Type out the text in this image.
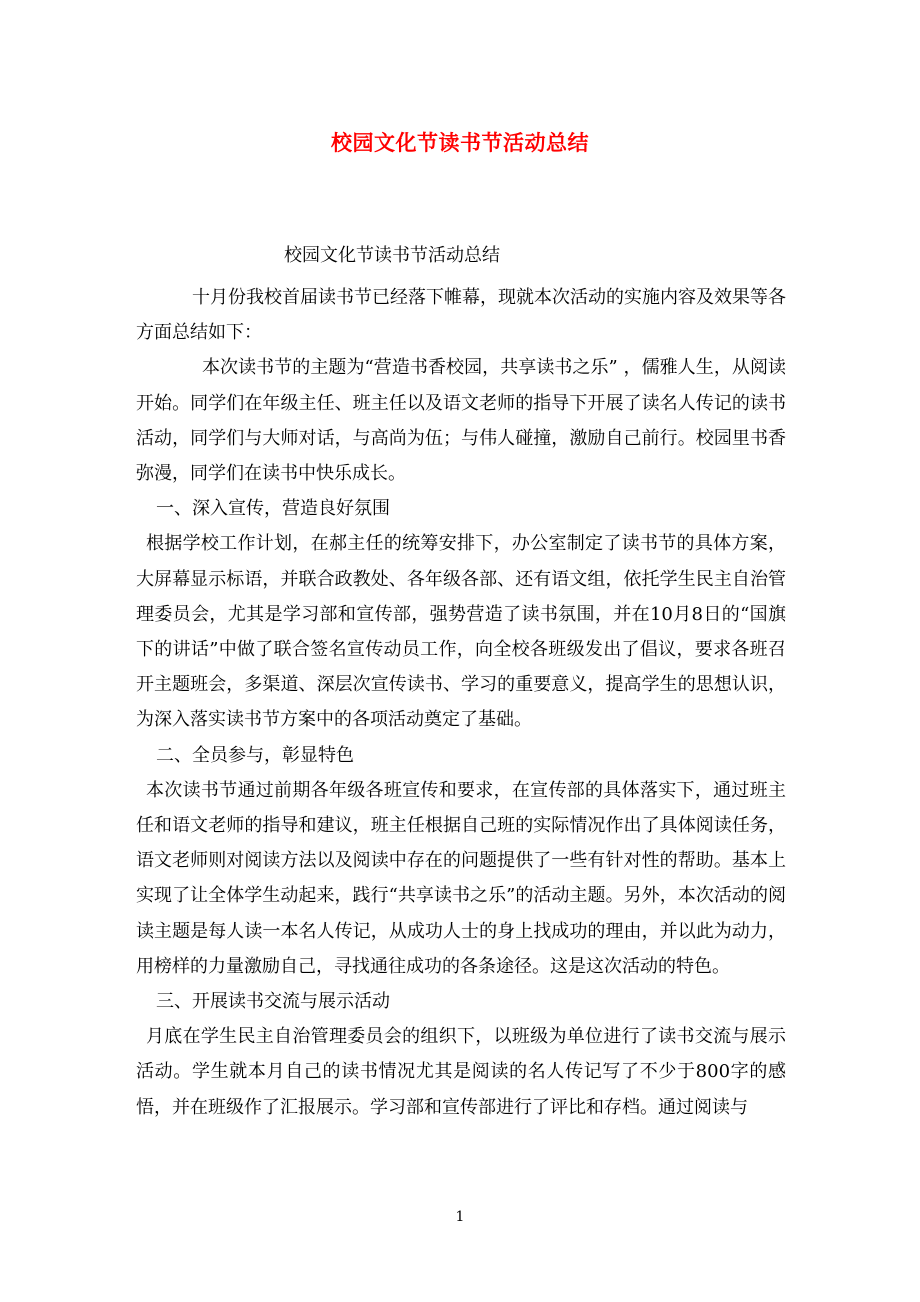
校园文化节读书节活动总结
校园文化节读书节活动总结

十月份我校首届读书节已经落下帷幕，现就本次活动的实施内容及效果等各方面总结如下：

本次读书节的主题为“营造书香校园，共享读书之乐” ，儒雅人生，从阅读开始。同学们在年级主任、班主任以及语文老师的指导下开展了读名人传记的读书活动，同学们与大师对话，与高尚为伍；与伟人碰撞，激励自己前行。校园里书香弥漫，同学们在读书中快乐成长。

一、深入宣传，营造良好氛围

根据学校工作计划，在郝主任的统筹安排下，办公室制定了读书节的具体方案，大屏幕显示标语，并联合政教处、各年级各部、还有语文组，依托学生民主自治管理委员会，尤其是学习部和宣传部，强势营造了读书氛围，并在10月8日的“国旗下的讲话”中做了联合签名宣传动员工作，向全校各班级发出了倡议，要求各班召开主题班会，多渠道、深层次宣传读书、学习的重要意义，提高学生的思想认识，为深入落实读书节方案中的各项活动奠定了基础。

二、全员参与，彰显特色

本次读书节通过前期各年级各班宣传和要求，在宣传部的具体落实下，通过班主任和语文老师的指导和建议，班主任根据自己班的实际情况作出了具体阅读任务，语文老师则对阅读方法以及阅读中存在的问题提供了一些有针对性的帮助。基本上实现了让全体学生动起来，践行“共享读书之乐”的活动主题。另外，本次活动的阅读主题是每人读一本名人传记，从成功人士的身上找成功的理由，并以此为动力，用榜样的力量激励自己，寻找通往成功的各条途径。这是这次活动的特色。

三、开展读书交流与展示活动

月底在学生民主自治管理委员会的组织下，以班级为单位进行了读书交流与展示活动。学生就本月自己的读书情况尤其是阅读的名人传记写了不少于800字的感悟，并在班级作了汇报展示。学习部和宣传部进行了评比和存档。通过阅读与

1
